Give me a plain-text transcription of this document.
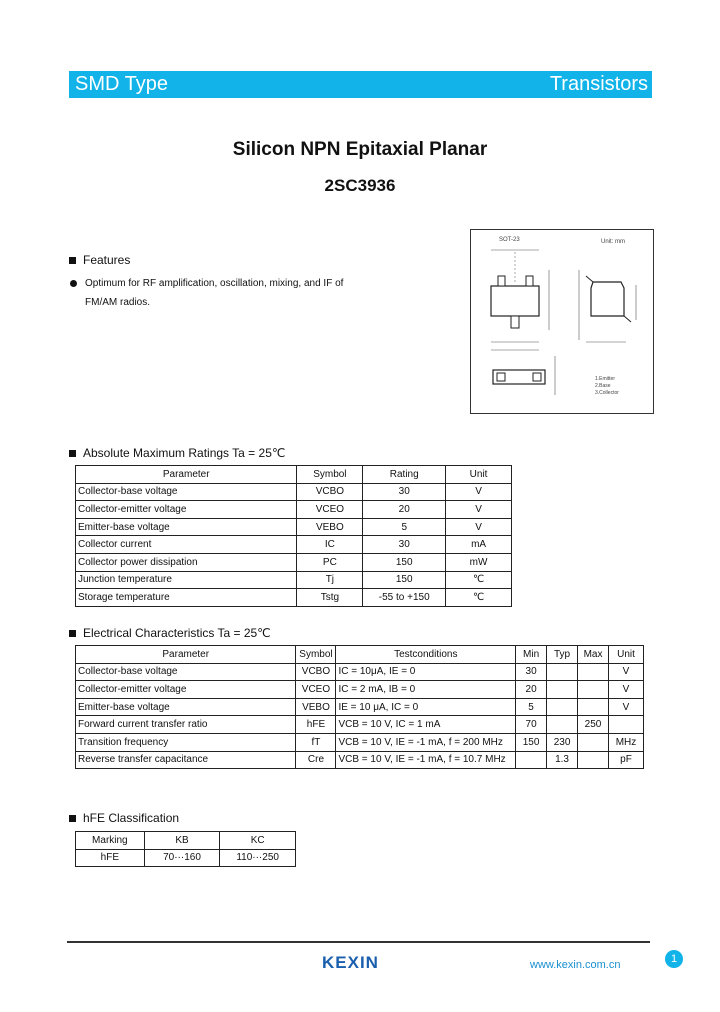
SMD Type	Transistors
Silicon NPN Epitaxial Planar
2SC3936
Features
Optimum for RF amplification, oscillation, mixing, and IF of
FM/AM radios.
SOT-23	Unit: mm
1.Emitter
2.Base
3.Collector
Absolute Maximum Ratings Ta = 25℃
Parameter	Symbol	Rating	Unit
Collector-base voltage	VCBO	30	V
Collector-emitter voltage	VCEO	20	V
Emitter-base voltage	VEBO	5	V
Collector current	IC	30	mA
Collector power dissipation	PC	150	mW
Junction temperature	Tj	150	℃
Storage temperature	Tstg	-55 to +150	℃
Electrical Characteristics Ta = 25℃
Parameter	Symbol	Testconditions	Min	Typ	Max	Unit
Collector-base voltage	VCBO	IC = 10μA, IE = 0	30			V
Collector-emitter voltage	VCEO	IC = 2 mA, IB = 0	20			V
Emitter-base voltage	VEBO	IE = 10 μA, IC = 0	5			V
Forward current transfer ratio	hFE	VCB = 10 V, IC = 1 mA	70		250	
Transition frequency	fT	VCB = 10 V, IE = -1 mA, f = 200 MHz	150	230		MHz
Reverse transfer capacitance	Cre	VCB = 10 V, IE = -1 mA, f = 10.7 MHz		1.3		pF
hFE Classification
Marking	KB	KC
hFE	70···160	110···250
KEXIN	www.kexin.com.cn	1
